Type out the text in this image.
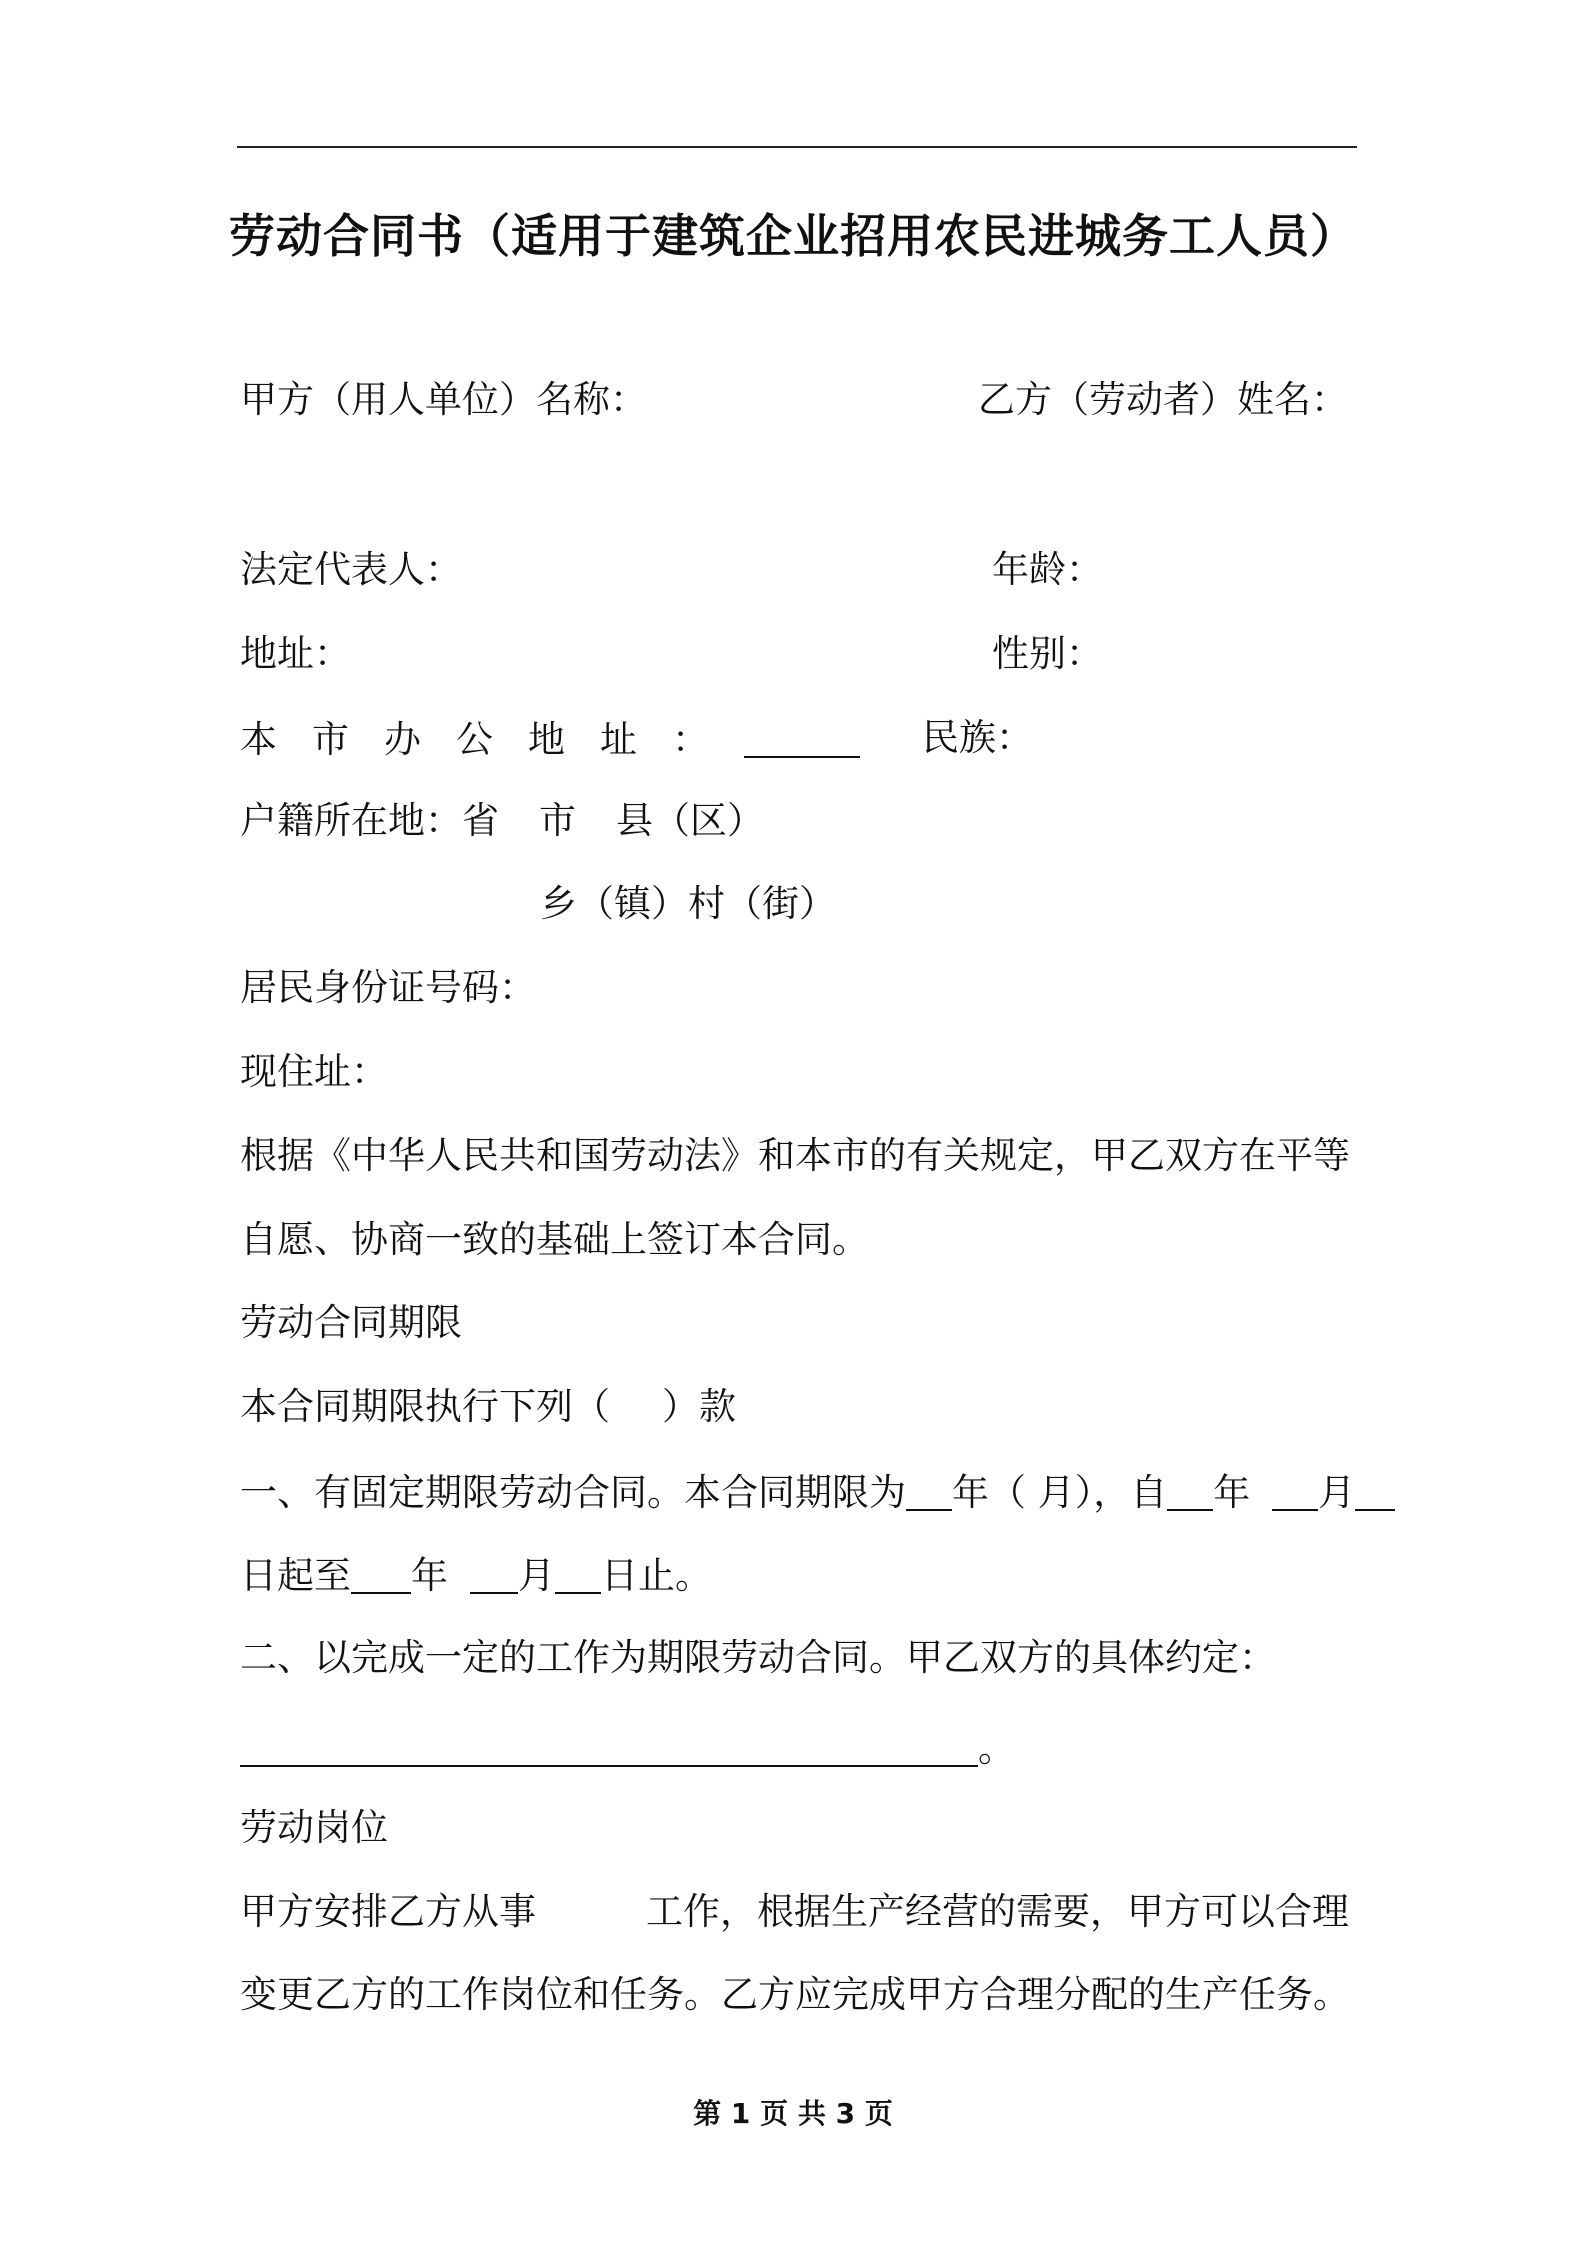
劳动合同书（适用于建筑企业招用农民进城务工人员）
甲方（用人单位）名称：	乙方（劳动者）姓名：
法定代表人：	年龄：
地址：	性别：
本市办公地址：	民族：
户籍所在地：省 市 县（区）
乡（镇）村（街）
居民身份证号码：
现住址：
根据《中华人民共和国劳动法》和本市的有关规定，甲乙双方在平等
自愿、协商一致的基础上签订本合同。
劳动合同期限
本合同期限执行下列（ ）款
一、有固定期限劳动合同。本合同期限为 年（ 月），自 年 月
日起至 年 月 日止。
二、以完成一定的工作为期限劳动合同。甲乙双方的具体约定：
。
劳动岗位
甲方安排乙方从事	工作，根据生产经营的需要，甲方可以合理
变更乙方的工作岗位和任务。乙方应完成甲方合理分配的生产任务。
第 1 页 共 3 页
